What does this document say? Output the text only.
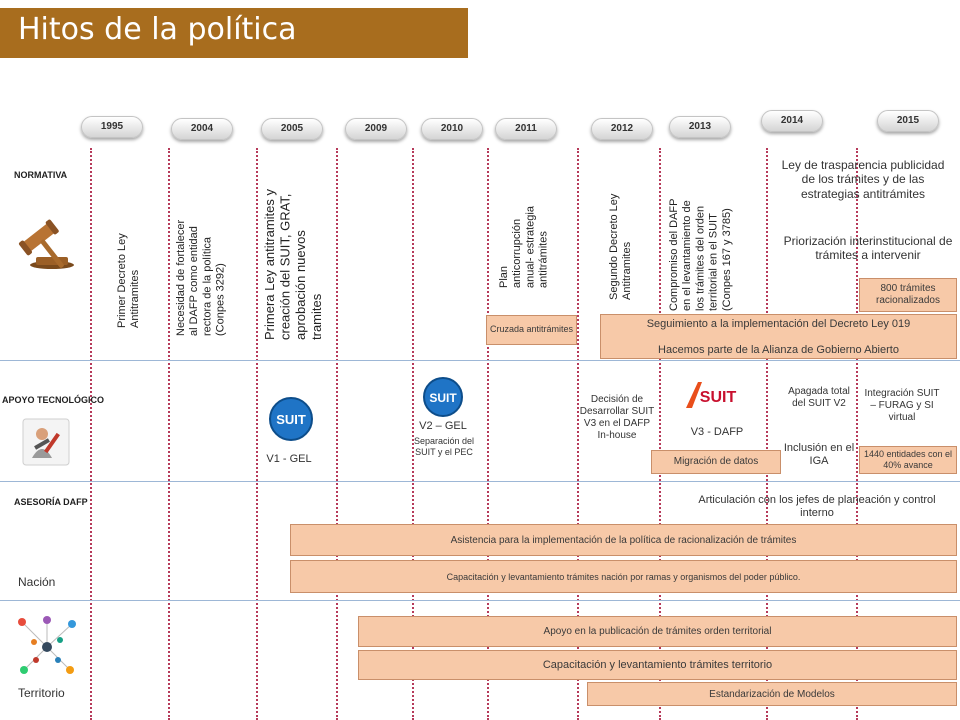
Hitos de la política
1995	2004	2005	2009	2010	2011	2012	2013
2014	2015
NORMATIVA
APOYO TECNOLÓGICO
ASESORÍA DAFP
Nación
Territorio
Primer Decreto Ley
Antitramites	Necesidad de fortalecer
al DAFP como entidad
rectora de la política
(Conpes 3292)
Primera Ley antitramites y
creación del SUIT, GRAT,
aprobación nuevos
tramites
Plan
anticorrupción
anual- estrategia
antitrámites	Segundo Decreto Ley
Antitramites	Compromiso del DAFP
en el levantamiento de
los trámites del orden
territorial en el SUIT
(Conpes 167 y 3785)
Ley de trasparencia publicidad de los trámites y de las estrategias antitrámites
Priorización interinstitucional de trámites a intervenir
800 trámites racionalizados
Cruzada antitrámites	Seguimiento a la implementación del Decreto Ley 019
Hacemos parte de la Alianza de Gobierno Abierto
SUIT
V1 - GEL
SUIT
V2 – GEL
Separación del SUIT y el PEC
Decisión de Desarrollar SUIT V3 en el DAFP In-house
SUIT
V3 - DAFP
Migración de datos
Apagada total del SUIT V2
Inclusión en el IGA
Integración SUIT – FURAG y SI virtual
1440 entidades con el 40% avance
Articulación con los jefes de planeación y control interno
Asistencia para la implementación de la política de racionalización de trámites
Capacitación y levantamiento trámites nación por ramas y organismos del poder público.
Apoyo en la publicación de trámites orden territorial
Capacitación y levantamiento trámites territorio
Estandarización de Modelos
